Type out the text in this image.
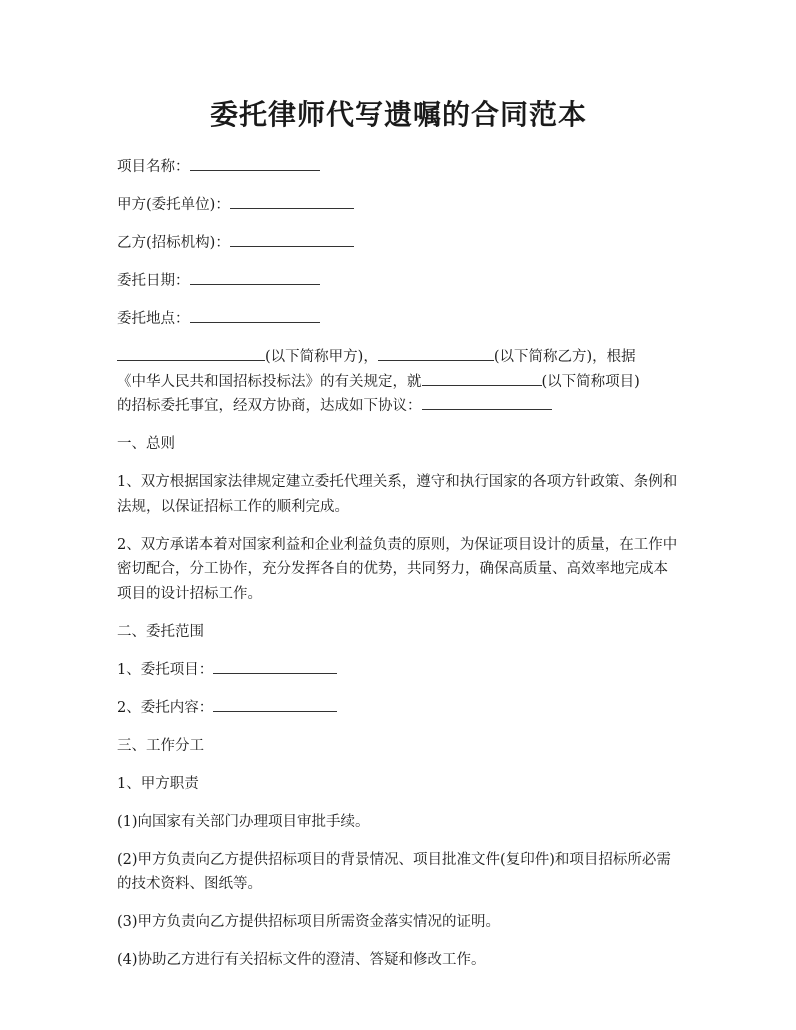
委托律师代写遗嘱的合同范本

项目名称：

甲方(委托单位)：

乙方(招标机构)：

委托日期：

委托地点：

(以下简称甲方)，	(以下简称乙方)，根据
《中华人民共和国招标投标法》的有关规定，就	(以下简称项目)
的招标委托事宜，经双方协商，达成如下协议：

一、总则

1、双方根据国家法律规定建立委托代理关系，遵守和执行国家的各项方针政策、条例和法规，以保证招标工作的顺利完成。

2、双方承诺本着对国家利益和企业利益负责的原则，为保证项目设计的质量，在工作中密切配合，分工协作，充分发挥各自的优势，共同努力，确保高质量、高效率地完成本项目的设计招标工作。

二、委托范围

1、委托项目：

2、委托内容：

三、工作分工

1、甲方职责

(1)向国家有关部门办理项目审批手续。

(2)甲方负责向乙方提供招标项目的背景情况、项目批准文件(复印件)和项目招标所必需的技术资料、图纸等。

(3)甲方负责向乙方提供招标项目所需资金落实情况的证明。

(4)协助乙方进行有关招标文件的澄清、答疑和修改工作。
